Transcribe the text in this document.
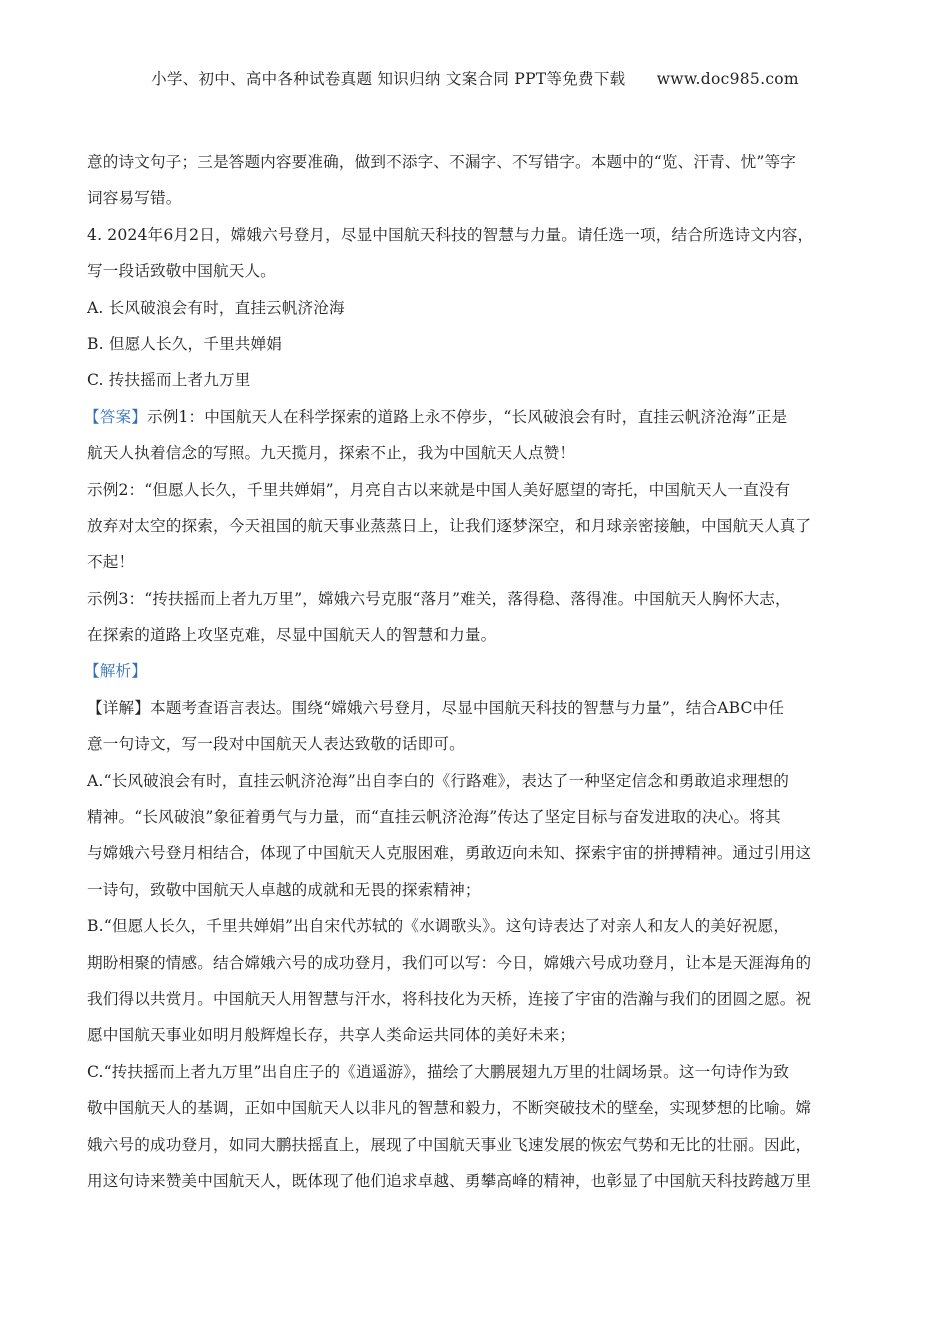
小学、初中、高中各种试卷真题 知识归纳 文案合同 PPT等免费下载 www.doc985.com
意的诗文句子；三是答题内容要准确，做到不添字、不漏字、不写错字。本题中的“览、汗青、忧”等字
词容易写错。
4. 2024年6月2日，嫦娥六号登月，尽显中国航天科技的智慧与力量。请任选一项，结合所选诗文内容，
写一段话致敬中国航天人。
A. 长风破浪会有时，直挂云帆济沧海
B. 但愿人长久，千里共婵娟
C. 抟扶摇而上者九万里
【答案】示例1：中国航天人在科学探索的道路上永不停步，“长风破浪会有时，直挂云帆济沧海”正是
航天人执着信念的写照。九天揽月，探索不止，我为中国航天人点赞！
示例2：“但愿人长久，千里共婵娟”，月亮自古以来就是中国人美好愿望的寄托，中国航天人一直没有
放弃对太空的探索，今天祖国的航天事业蒸蒸日上，让我们逐梦深空，和月球亲密接触，中国航天人真了
不起！
示例3：“抟扶摇而上者九万里”，嫦娥六号克服“落月”难关，落得稳、落得准。中国航天人胸怀大志，
在探索的道路上攻坚克难，尽显中国航天人的智慧和力量。
【解析】
【详解】本题考查语言表达。围绕“嫦娥六号登月，尽显中国航天科技的智慧与力量”，结合ABC中任
意一句诗文，写一段对中国航天人表达致敬的话即可。
A.“长风破浪会有时，直挂云帆济沧海”出自李白的《行路难》，表达了一种坚定信念和勇敢追求理想的
精神。“长风破浪”象征着勇气与力量，而“直挂云帆济沧海”传达了坚定目标与奋发进取的决心。将其
与嫦娥六号登月相结合，体现了中国航天人克服困难，勇敢迈向未知、探索宇宙的拼搏精神。通过引用这
一诗句，致敬中国航天人卓越的成就和无畏的探索精神；
B.“但愿人长久，千里共婵娟”出自宋代苏轼的《水调歌头》。这句诗表达了对亲人和友人的美好祝愿，
期盼相聚的情感。结合嫦娥六号的成功登月，我们可以写：今日，嫦娥六号成功登月，让本是天涯海角的
我们得以共赏月。中国航天人用智慧与汗水，将科技化为天桥，连接了宇宙的浩瀚与我们的团圆之愿。祝
愿中国航天事业如明月般辉煌长存，共享人类命运共同体的美好未来；
C.“抟扶摇而上者九万里”出自庄子的《逍遥游》，描绘了大鹏展翅九万里的壮阔场景。这一句诗作为致
敬中国航天人的基调，正如中国航天人以非凡的智慧和毅力，不断突破技术的壁垒，实现梦想的比喻。嫦
娥六号的成功登月，如同大鹏扶摇直上，展现了中国航天事业飞速发展的恢宏气势和无比的壮丽。因此，
用这句诗来赞美中国航天人，既体现了他们追求卓越、勇攀高峰的精神，也彰显了中国航天科技跨越万里
